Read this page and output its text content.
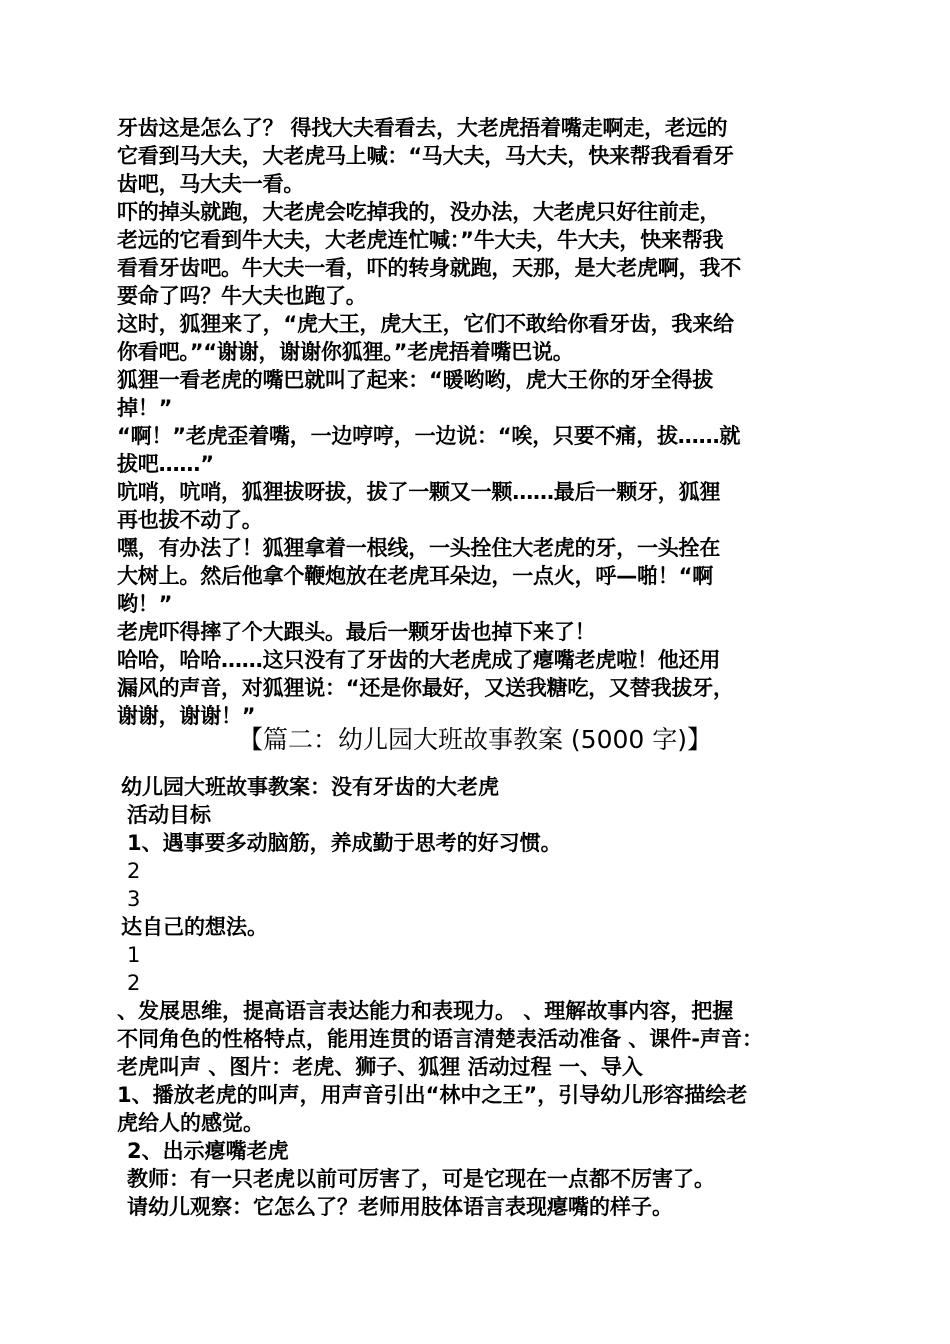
牙齿这是怎么了？ 得找大夫看看去，大老虎捂着嘴走啊走，老远的
它看到马大夫，大老虎马上喊：“马大夫，马大夫，快来帮我看看牙
齿吧，马大夫一看。
吓的掉头就跑，大老虎会吃掉我的，没办法，大老虎只好往前走，
老远的它看到牛大夫，大老虎连忙喊：”牛大夫，牛大夫，快来帮我
看看牙齿吧。牛大夫一看，吓的转身就跑，天那，是大老虎啊，我不
要命了吗？牛大夫也跑了。
这时，狐狸来了，“虎大王，虎大王，它们不敢给你看牙齿，我来给
你看吧。”“谢谢，谢谢你狐狸。”老虎捂着嘴巴说。
狐狸一看老虎的嘴巴就叫了起来：“暖哟哟，虎大王你的牙全得拔
掉！”
“啊！”老虎歪着嘴，一边哼哼，一边说：“唉，只要不痛，拔……就
拔吧……”
吭哨，吭哨，狐狸拔呀拔，拔了一颗又一颗……最后一颗牙，狐狸
再也拔不动了。
嘿，有办法了！狐狸拿着一根线，一头拴住大老虎的牙，一头拴在
大树上。然后他拿个鞭炮放在老虎耳朵边，一点火，呼—啪！“啊
哟！”
老虎吓得摔了个大跟头。最后一颗牙齿也掉下来了！
哈哈，哈哈……这只没有了牙齿的大老虎成了瘪嘴老虎啦！他还用
漏风的声音，对狐狸说：“还是你最好，又送我糖吃，又替我拔牙，
谢谢，谢谢！”
【篇二：幼儿园大班故事教案 (5000 字)】
幼儿园大班故事教案：没有牙齿的大老虎
活动目标
1、遇事要多动脑筋，养成勤于思考的好习惯。
2
3
达自己的想法。
1
2
、发展思维，提高语言表达能力和表现力。 、理解故事内容，把握
不同角色的性格特点，能用连贯的语言清楚表活动准备 、课件-声音：
老虎叫声 、图片：老虎、狮子、狐狸 活动过程 一、导入
1、播放老虎的叫声，用声音引出“林中之王”，引导幼儿形容描绘老
虎给人的感觉。
2、出示瘪嘴老虎
教师：有一只老虎以前可厉害了，可是它现在一点都不厉害了。
请幼儿观察：它怎么了？老师用肢体语言表现瘪嘴的样子。
